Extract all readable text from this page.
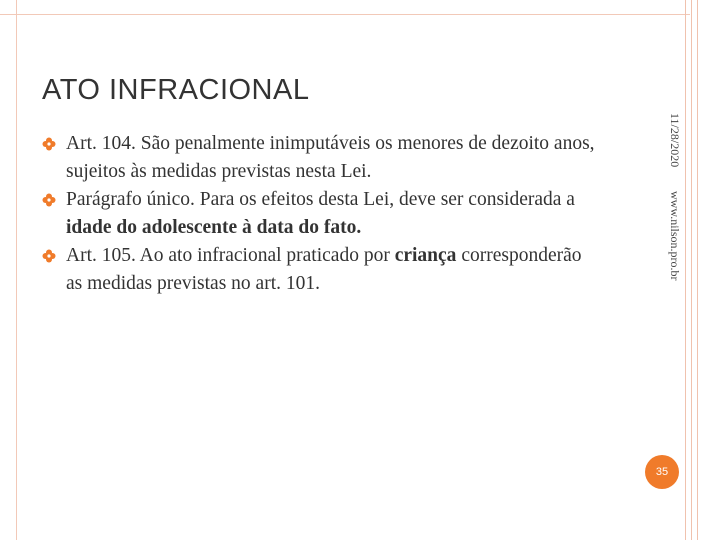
ATO INFRACIONAL
Art. 104. São penalmente inimputáveis os menores de dezoito anos, sujeitos às medidas previstas nesta Lei.
Parágrafo único. Para os efeitos desta Lei, deve ser considerada a idade do adolescente à data do fato.
Art. 105. Ao ato infracional praticado por criança corresponderão as medidas previstas no art. 101.
11/28/2020
www.nilson.pro.br
35
